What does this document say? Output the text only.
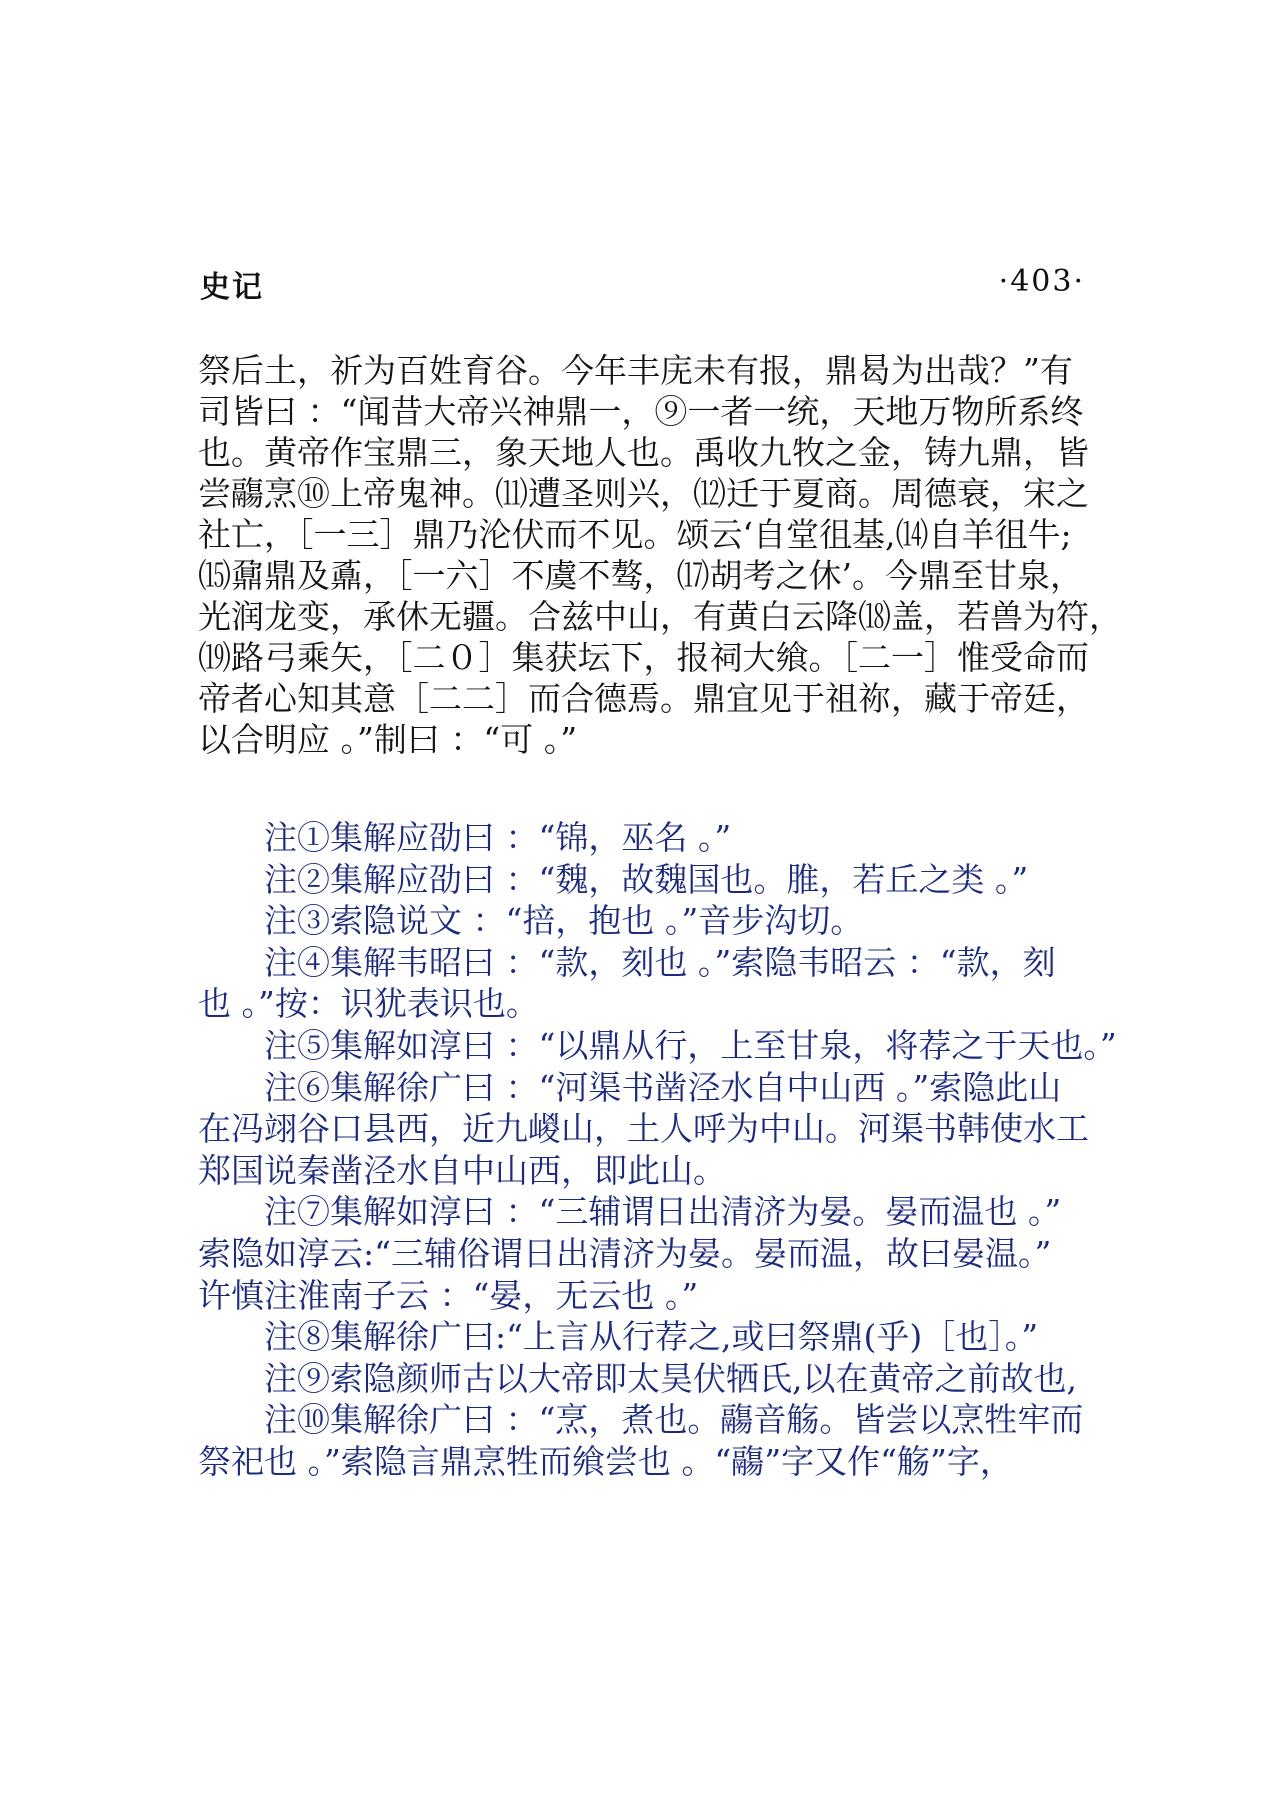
史记	·403·
祭后土，祈为百姓育谷。今年丰庑未有报，鼎曷为出哉？”有
司皆曰 ：“闻昔大帝兴神鼎一，⑨一者一统，天地万物所系终
也。黄帝作宝鼎三，象天地人也。禹收九牧之金，铸九鼎，皆
尝鬺烹⑩上帝鬼神。⑾遭圣则兴，⑿迁于夏商。周德衰，宋之
社亡，［一三］鼎乃沦伏而不见。颂云‘自堂徂基,⒁自羊徂牛;
⒂鼐鼎及鼒，［一六］不虞不骜，⒄胡考之休’。今鼎至甘泉，
光润龙变，承休无疆。合兹中山，有黄白云降⒅盖，若兽为符，
⒆路弓乘矢，［二０］集获坛下，报祠大飨。［二一］惟受命而
帝者心知其意［二二］而合德焉。鼎宜见于祖祢，藏于帝廷，
以合明应 。”制曰 ：“可 。”
注①集解应劭曰 ：“锦，巫名 。”
注②集解应劭曰 ：“魏，故魏国也。脽，若丘之类 。”
注③索隐说文 ：“掊，抱也 。”音步沟切。
注④集解韦昭曰 ：“款，刻也 。”索隐韦昭云 ：“款，刻
也 。”按：识犹表识也。
注⑤集解如淳曰 ：“以鼎从行，上至甘泉，将荐之于天也。”
注⑥集解徐广曰 ：“河渠书凿泾水自中山西 。”索隐此山
在冯翊谷口县西，近九嵕山，土人呼为中山。河渠书韩使水工
郑国说秦凿泾水自中山西，即此山。
注⑦集解如淳曰 ：“三辅谓日出清济为晏。晏而温也 。”
索隐如淳云:“三辅俗谓日出清济为晏。晏而温，故曰晏温。”
许慎注淮南子云 ：“晏，无云也 。”
注⑧集解徐广曰:“上言从行荐之,或曰祭鼎(乎)［也］。”
注⑨索隐颜师古以大帝即太昊伏牺氏,以在黄帝之前故也,
注⑩集解徐广曰 ：“烹，煮也。鬺音觞。皆尝以烹牲牢而
祭祀也 。”索隐言鼎烹牲而飨尝也 。“鬺”字又作“觞”字，
